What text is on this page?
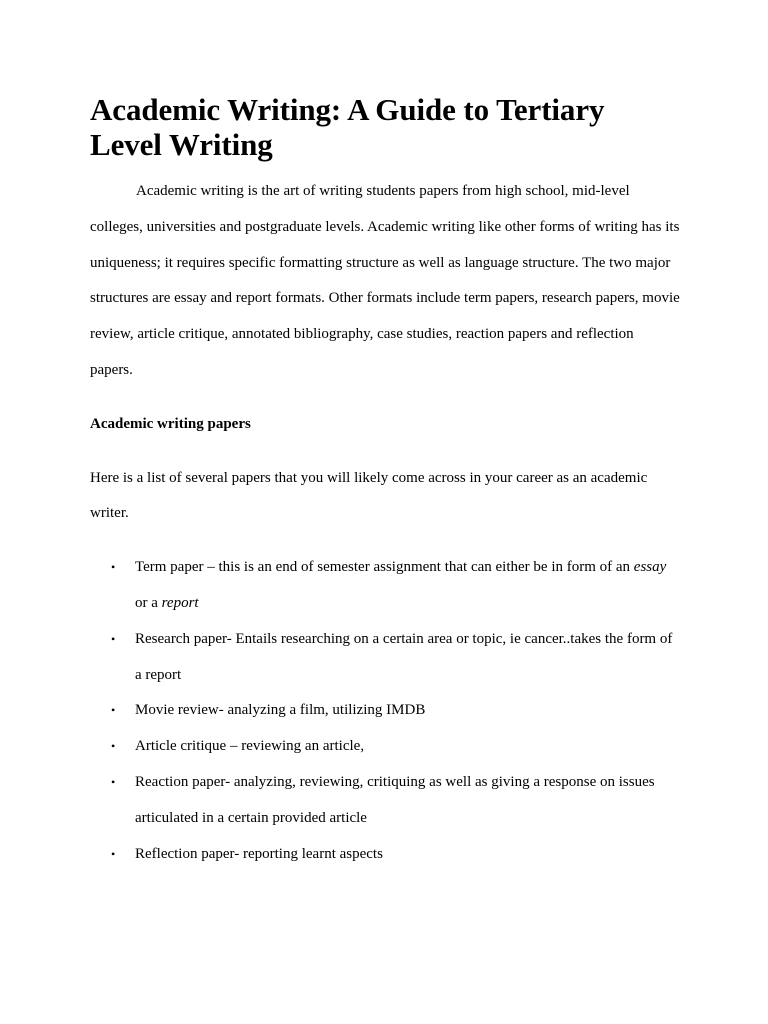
Academic Writing: A Guide to Tertiary Level Writing

Academic writing is the art of writing students papers from high school, mid-level colleges, universities and postgraduate levels. Academic writing like other forms of writing has its uniqueness; it requires specific formatting structure as well as language structure. The two major structures are essay and report formats. Other formats include term papers, research papers, movie review, article critique, annotated bibliography, case studies, reaction papers and reflection papers.

Academic writing papers

Here is a list of several papers that you will likely come across in your career as an academic writer.

• Term paper – this is an end of semester assignment that can either be in form of an essay or a report
• Research paper- Entails researching on a certain area or topic, ie cancer..takes the form of a report
• Movie review- analyzing a film, utilizing IMDB
• Article critique – reviewing an article,
• Reaction paper- analyzing, reviewing, critiquing as well as giving a response on issues articulated in a certain provided article
• Reflection paper- reporting learnt aspects
